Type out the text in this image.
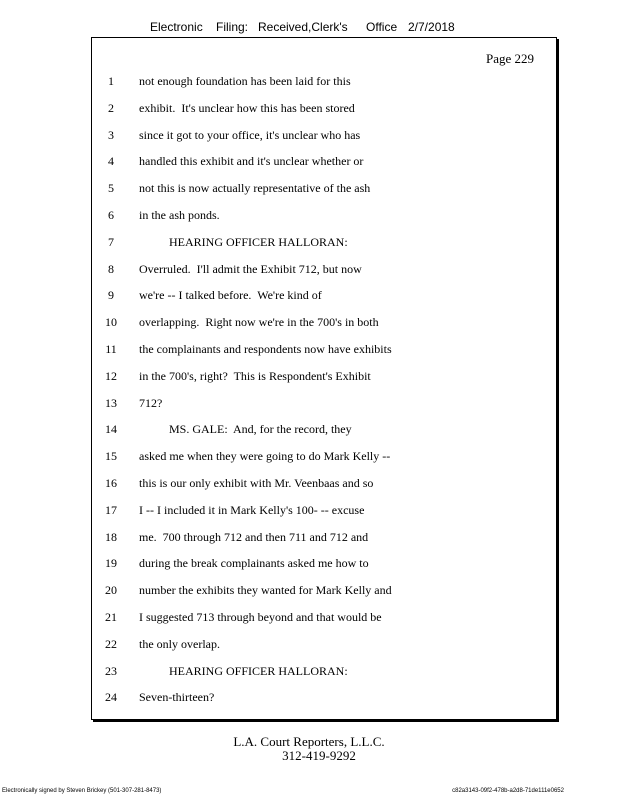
Electronic Filing: Received,Clerk's Office 2/7/2018
Page 229
1	not enough foundation has been laid for this
2	exhibit.  It's unclear how this has been stored
3	since it got to your office, it's unclear who has
4	handled this exhibit and it's unclear whether or
5	not this is now actually representative of the ash
6	in the ash ponds.
7	HEARING OFFICER HALLORAN:
8	Overruled.  I'll admit the Exhibit 712, but now
9	we're -- I talked before.  We're kind of
10	overlapping.  Right now we're in the 700's in both
11	the complainants and respondents now have exhibits
12	in the 700's, right?  This is Respondent's Exhibit
13	712?
14	MS. GALE:  And, for the record, they
15	asked me when they were going to do Mark Kelly --
16	this is our only exhibit with Mr. Veenbaas and so
17	I -- I included it in Mark Kelly's 100- -- excuse
18	me.  700 through 712 and then 711 and 712 and
19	during the break complainants asked me how to
20	number the exhibits they wanted for Mark Kelly and
21	I suggested 713 through beyond and that would be
22	the only overlap.
23	HEARING OFFICER HALLORAN:
24	Seven-thirteen?
L.A. Court Reporters, L.L.C.
312-419-9292
Electronically signed by Steven Brickey (501-307-281-8473)	c82a3143-09f2-478b-a2d8-71de111e0652
